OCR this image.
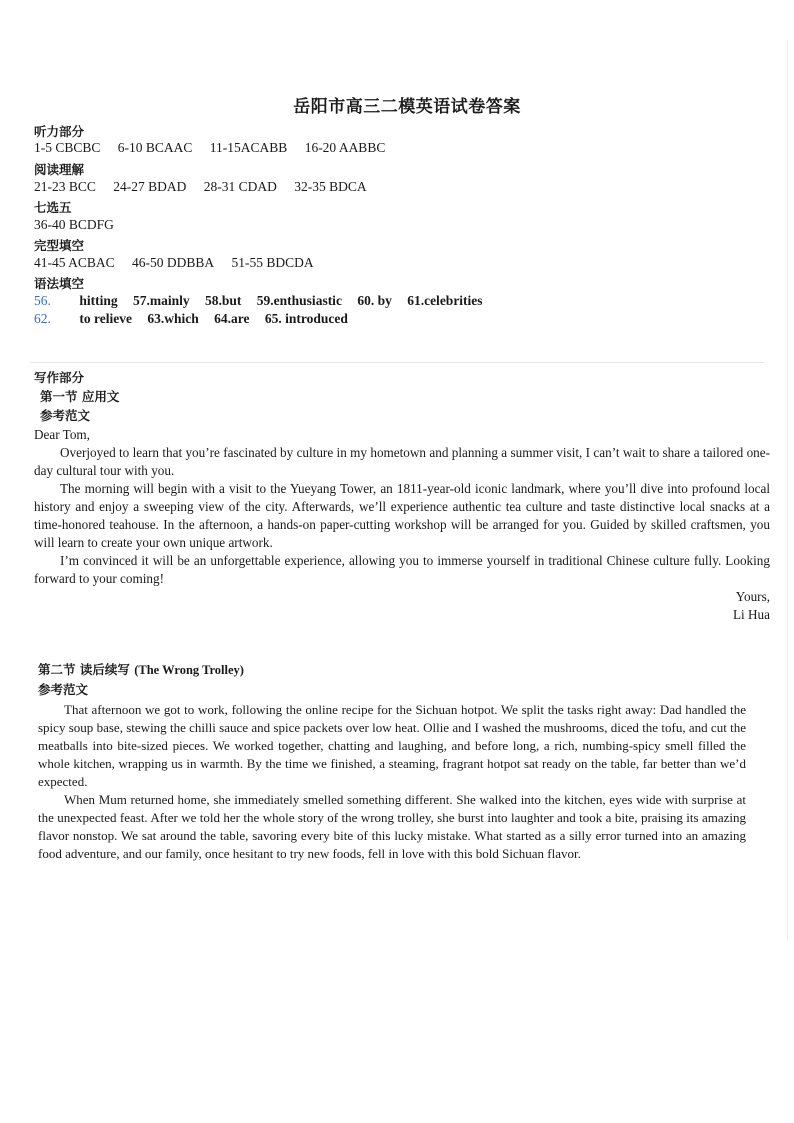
岳阳市高三二模英语试卷答案
听力部分
1-5 CBCBC 6-10 BCAAC 11-15ACABB 16-20 AABBC
阅读理解
21-23 BCC 24-27 BDAD 28-31 CDAD 32-35 BDCA
七选五
36-40 BCDFG
完型填空
41-45 ACBAC 46-50 DDBBA 51-55 BDCDA
语法填空
56. hitting 57.mainly 58.but 59.enthusiastic 60. by 61.celebrities
62. to relieve 63.which 64.are 65. introduced
写作部分
第一节 应用文
参考范文

Dear Tom,

Overjoyed to learn that you’re fascinated by culture in my hometown and planning a summer visit, I can’t wait to share a tailored one-day cultural tour with you.

The morning will begin with a visit to the Yueyang Tower, an 1811-year-old iconic landmark, where you’ll dive into profound local history and enjoy a sweeping view of the city. Afterwards, we’ll experience authentic tea culture and taste distinctive local snacks at a time-honored teahouse. In the afternoon, a hands-on paper-cutting workshop will be arranged for you. Guided by skilled craftsmen, you will learn to create your own unique artwork.

I’m convinced it will be an unforgettable experience, allowing you to immerse yourself in traditional Chinese culture fully. Looking forward to your coming!

Yours,
Li Hua
第二节 读后续写 (The Wrong Trolley)
参考范文

That afternoon we got to work, following the online recipe for the Sichuan hotpot. We split the tasks right away: Dad handled the spicy soup base, stewing the chilli sauce and spice packets over low heat. Ollie and I washed the mushrooms, diced the tofu, and cut the meatballs into bite-sized pieces. We worked together, chatting and laughing, and before long, a rich, numbing-spicy smell filled the whole kitchen, wrapping us in warmth. By the time we finished, a steaming, fragrant hotpot sat ready on the table, far better than we’d expected.

When Mum returned home, she immediately smelled something different. She walked into the kitchen, eyes wide with surprise at the unexpected feast. After we told her the whole story of the wrong trolley, she burst into laughter and took a bite, praising its amazing flavor nonstop. We sat around the table, savoring every bite of this lucky mistake. What started as a silly error turned into an amazing food adventure, and our family, once hesitant to try new foods, fell in love with this bold Sichuan flavor.
